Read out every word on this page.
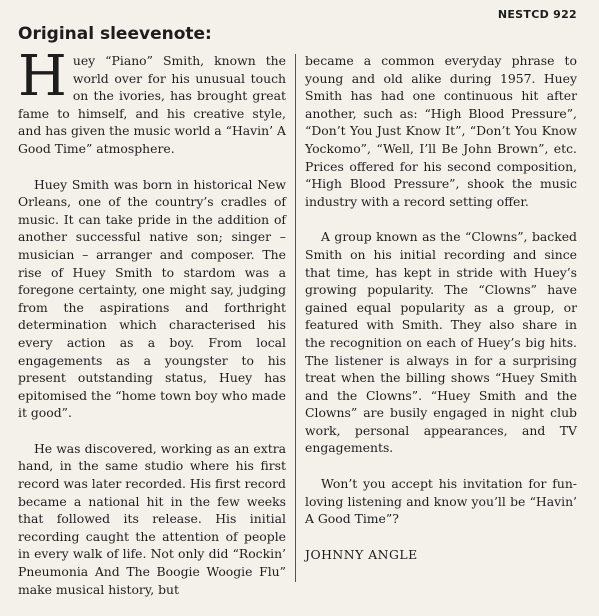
NESTCD 922
Original sleevenote:

Huey “Piano” Smith, known the world over for his unusual touch on the ivories, has brought great fame to himself, and his creative style, and has given the music world a “Havin’ A Good Time” atmosphere.

Huey Smith was born in historical New Orleans, one of the country’s cradles of music. It can take pride in the addition of another successful native son; singer – musician – arranger and composer. The rise of Huey Smith to stardom was a foregone certainty, one might say, judging from the aspirations and forthright determination which characterised his every action as a boy. From local engagements as a youngster to his present outstanding status, Huey has epitomised the “home town boy who made it good”.

He was discovered, working as an extra hand, in the same studio where his first record was later recorded. His first record became a national hit in the few weeks that followed its release. His initial recording caught the attention of people in every walk of life. Not only did “Rockin’ Pneumonia And The Boogie Woogie Flu” make musical history, but

became a common everyday phrase to young and old alike during 1957. Huey Smith has had one continuous hit after another, such as: “High Blood Pressure”, “Don’t You Just Know It”, “Don’t You Know Yockomo”, “Well, I’ll Be John Brown”, etc. Prices offered for his second composition, “High Blood Pressure”, shook the music industry with a record setting offer.

A group known as the “Clowns”, backed Smith on his initial recording and since that time, has kept in stride with Huey’s growing popularity. The “Clowns” have gained equal popularity as a group, or featured with Smith. They also share in the recognition on each of Huey’s big hits. The listener is always in for a surprising treat when the billing shows “Huey Smith and the Clowns”. “Huey Smith and the Clowns” are busily engaged in night club work, personal appearances, and TV engagements.

Won’t you accept his invitation for fun-loving listening and know you’ll be “Havin’ A Good Time”?

JOHNNY ANGLE
